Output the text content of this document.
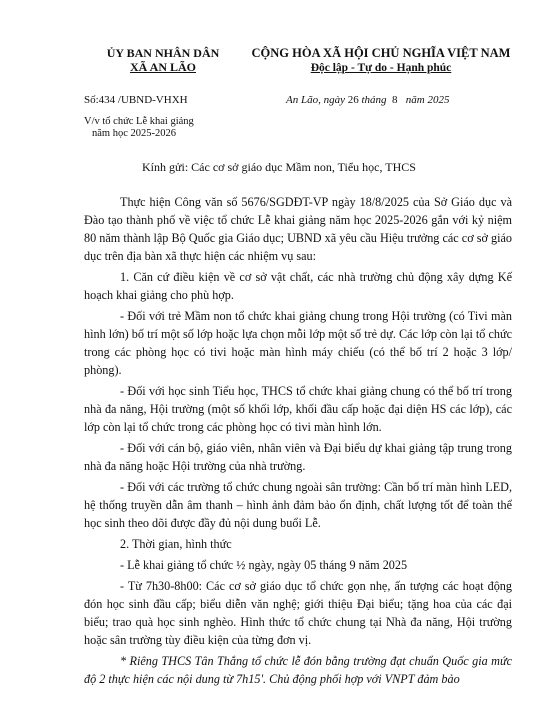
ỦY BAN NHÂN DÂN
XÃ AN LÃO
CỘNG HÒA XÃ HỘI CHỦ NGHĨA VIỆT NAM
Độc lập - Tự do - Hạnh phúc
Số:434 /UBND-VHXH	An Lão, ngày 26 tháng 8 năm 2025
V/v tổ chức Lễ khai giảng
năm học 2025-2026
Kính gửi: Các cơ sở giáo dục Mầm non, Tiểu học, THCS

Thực hiện Công văn số 5676/SGDĐT-VP ngày 18/8/2025 của Sở Giáo dục và Đào tạo thành phố về việc tổ chức Lễ khai giảng năm học 2025-2026 gắn với kỷ niệm 80 năm thành lập Bộ Quốc gia Giáo dục; UBND xã yêu cầu Hiệu trưởng các cơ sở giáo dục trên địa bàn xã thực hiện các nhiệm vụ sau:

1. Căn cứ điều kiện về cơ sở vật chất, các nhà trường chủ động xây dựng Kế hoạch khai giảng cho phù hợp.

- Đối với trẻ Mầm non tổ chức khai giảng chung trong Hội trường (có Tivi màn hình lớn) bố trí một số lớp hoặc lựa chọn mỗi lớp một số trẻ dự. Các lớp còn lại tổ chức trong các phòng học có tivi hoặc màn hình máy chiếu (có thể bố trí 2 hoặc 3 lớp/ phòng).

- Đối với học sinh Tiểu học, THCS tổ chức khai giảng chung có thể bố trí trong nhà đa năng, Hội trường (một số khối lớp, khối đầu cấp hoặc đại diện HS các lớp), các lớp còn lại tổ chức trong các phòng học có tivi màn hình lớn.

- Đối với cán bộ, giáo viên, nhân viên và Đại biểu dự khai giảng tập trung trong nhà đa năng hoặc Hội trường của nhà trường.

- Đối với các trường tổ chức chung ngoài sân trường: Cần bố trí màn hình LED, hệ thống truyền dẫn âm thanh – hình ảnh đảm bảo ổn định, chất lượng tốt để toàn thể học sinh theo dõi được đầy đủ nội dung buổi Lễ.

2. Thời gian, hình thức

- Lễ khai giảng tổ chức ½ ngày, ngày 05 tháng 9 năm 2025

- Từ 7h30-8h00: Các cơ sở giáo dục tổ chức gọn nhẹ, ấn tượng các hoạt động đón học sinh đầu cấp; biểu diễn văn nghệ; giới thiệu Đại biểu; tặng hoa của các đại biểu; trao quà học sinh nghèo. Hình thức tổ chức chung tại Nhà đa năng, Hội trường hoặc sân trường tùy điều kiện của từng đơn vị.

* Riêng THCS Tân Thắng tổ chức lễ đón bằng trường đạt chuẩn Quốc gia mức độ 2 thực hiện các nội dung từ 7h15'. Chủ động phối hợp với VNPT đảm bảo
